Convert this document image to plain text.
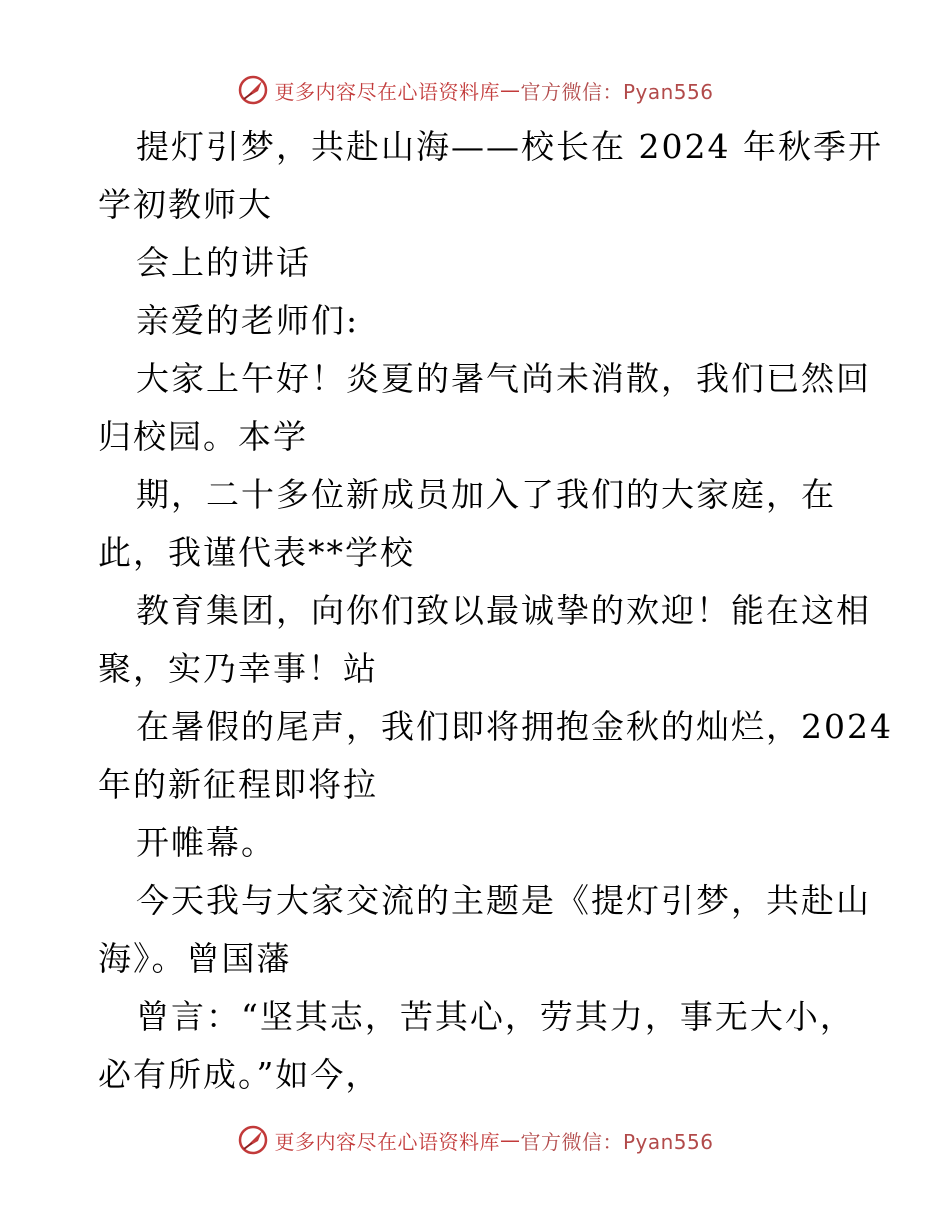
更多内容尽在心语资料库 — 官方微信：Pyan556
提灯引梦，共赴山海——校长在 2024 年秋季开
学初教师大
会上的讲话
亲爱的老师们:
大家上午好！炎夏的暑气尚未消散，我们已然回
归校园。本学
期，二十多位新成员加入了我们的大家庭，在
此，我谨代表**学校
教育集团，向你们致以最诚挚的欢迎！能在这相
聚，实乃幸事！站
在暑假的尾声，我们即将拥抱金秋的灿烂，2024
年的新征程即将拉
开帷幕。
今天我与大家交流的主题是《提灯引梦，共赴山
海》。曾国藩
曾言：“坚其志，苦其心，劳其力，事无大小，
必有所成。”如今，
更多内容尽在心语资料库 — 官方微信：Pyan556
